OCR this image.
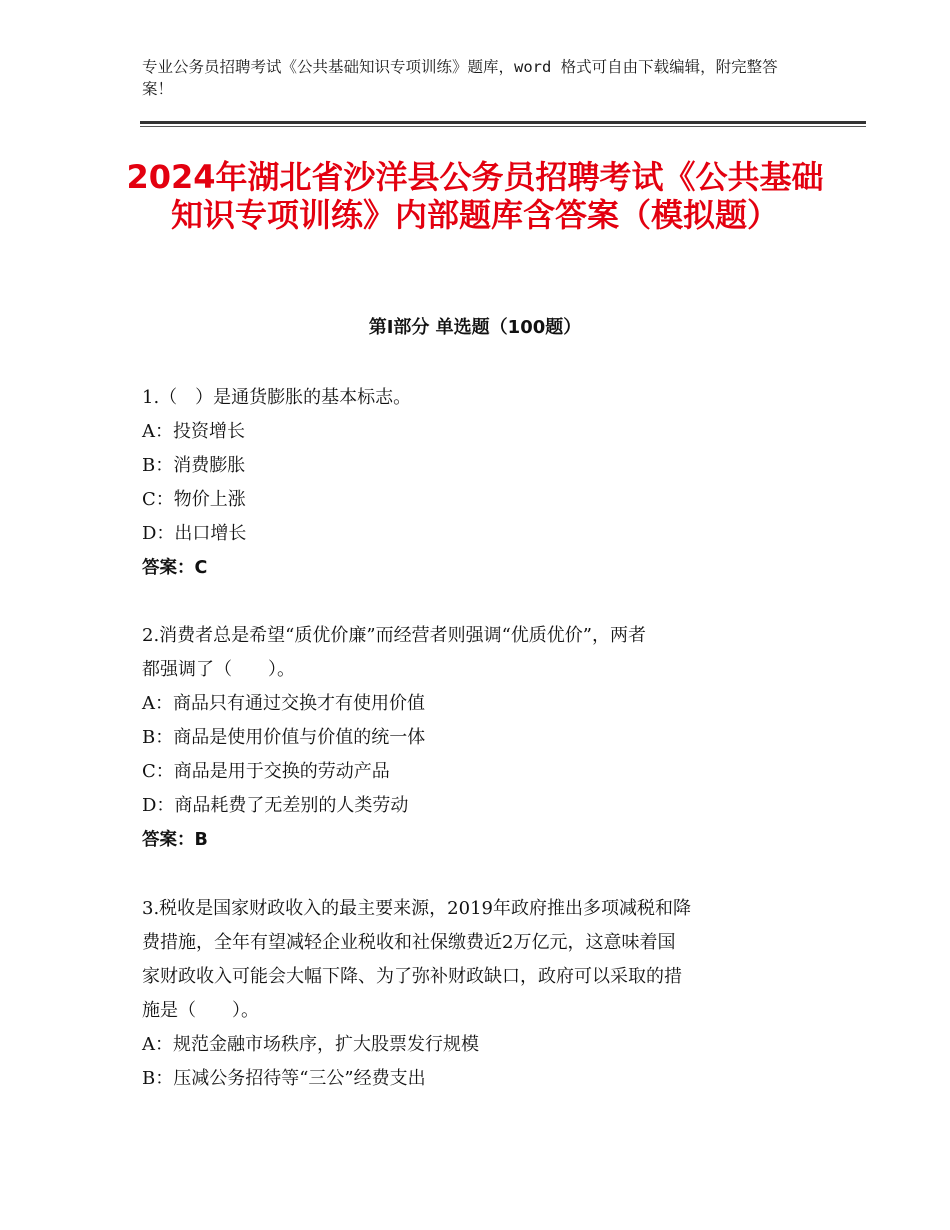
专业公务员招聘考试《公共基础知识专项训练》题库，word 格式可自由下载编辑，附完整答案！
2024年湖北省沙洋县公务员招聘考试《公共基础知识专项训练》内部题库含答案（模拟题）
第Ⅰ部分 单选题（100题）
1.（　）是通货膨胀的基本标志。
A：投资增长
B：消费膨胀
C：物价上涨
D：出口增长
答案：C
2.消费者总是希望“质优价廉”而经营者则强调“优质优价”，两者
都强调了（　　）。
A：商品只有通过交换才有使用价值
B：商品是使用价值与价值的统一体
C：商品是用于交换的劳动产品
D：商品耗费了无差别的人类劳动
答案：B
3.税收是国家财政收入的最主要来源，2019年政府推出多项减税和降
费措施，全年有望减轻企业税收和社保缴费近2万亿元，这意味着国
家财政收入可能会大幅下降、为了弥补财政缺口，政府可以采取的措
施是（　　）。
A：规范金融市场秩序，扩大股票发行规模
B：压减公务招待等“三公”经费支出
